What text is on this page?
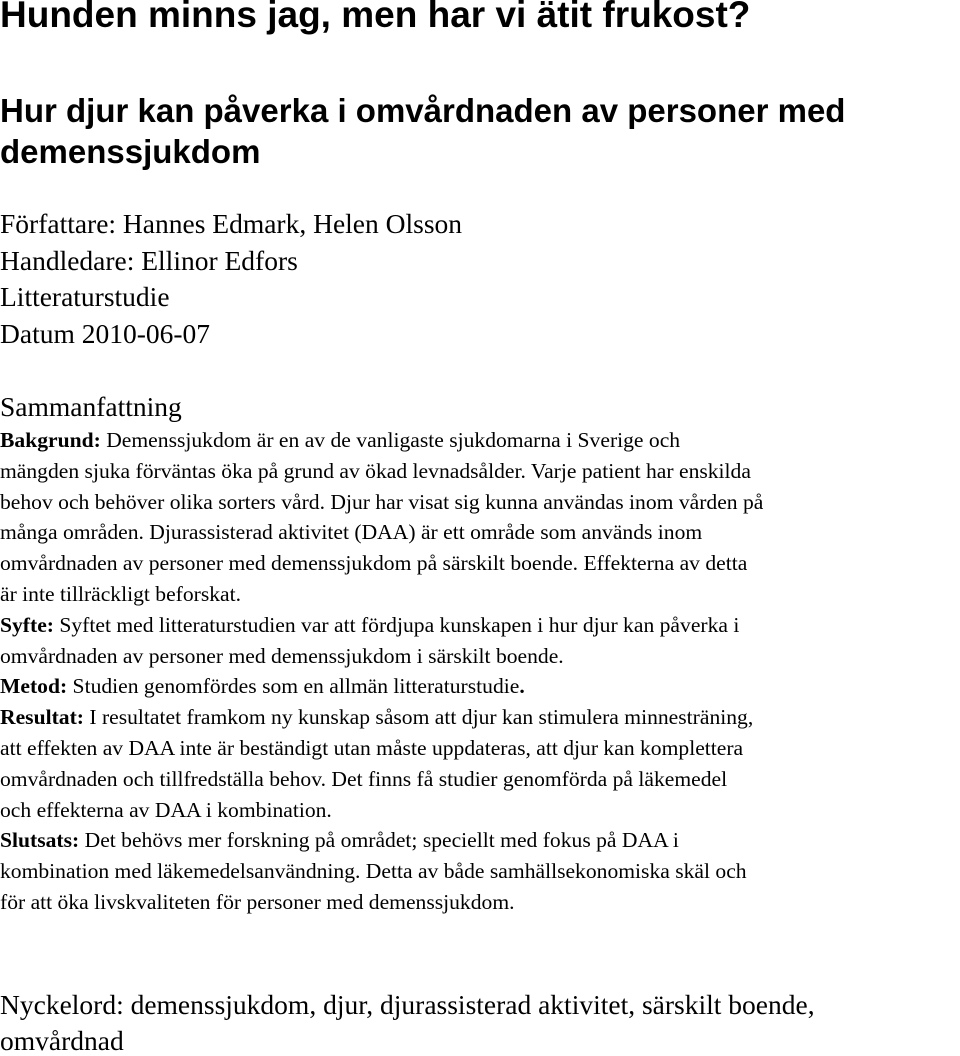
Hunden minns jag, men har vi ätit frukost?
Hur djur kan påverka i omvårdnaden av personer med
demenssjukdom
Författare: Hannes Edmark, Helen Olsson
Handledare: Ellinor Edfors
Litteraturstudie
Datum 2010-06-07
Sammanfattning
Bakgrund: Demenssjukdom är en av de vanligaste sjukdomarna i Sverige och
mängden sjuka förväntas öka på grund av ökad levnadsålder. Varje patient har enskilda
behov och behöver olika sorters vård. Djur har visat sig kunna användas inom vården på
många områden. Djurassisterad aktivitet (DAA) är ett område som används inom
omvårdnaden av personer med demenssjukdom på särskilt boende. Effekterna av detta
är inte tillräckligt beforskat.
Syfte: Syftet med litteraturstudien var att fördjupa kunskapen i hur djur kan påverka i
omvårdnaden av personer med demenssjukdom i särskilt boende.
Metod: Studien genomfördes som en allmän litteraturstudie.
Resultat: I resultatet framkom ny kunskap såsom att djur kan stimulera minnesträning,
att effekten av DAA inte är beständigt utan måste uppdateras, att djur kan komplettera
omvårdnaden och tillfredställa behov. Det finns få studier genomförda på läkemedel
och effekterna av DAA i kombination.
Slutsats: Det behövs mer forskning på området; speciellt med fokus på DAA i
kombination med läkemedelsanvändning. Detta av både samhällsekonomiska skäl och
för att öka livskvaliteten för personer med demenssjukdom.
Nyckelord: demenssjukdom, djur, djurassisterad aktivitet, särskilt boende,
omvårdnad
